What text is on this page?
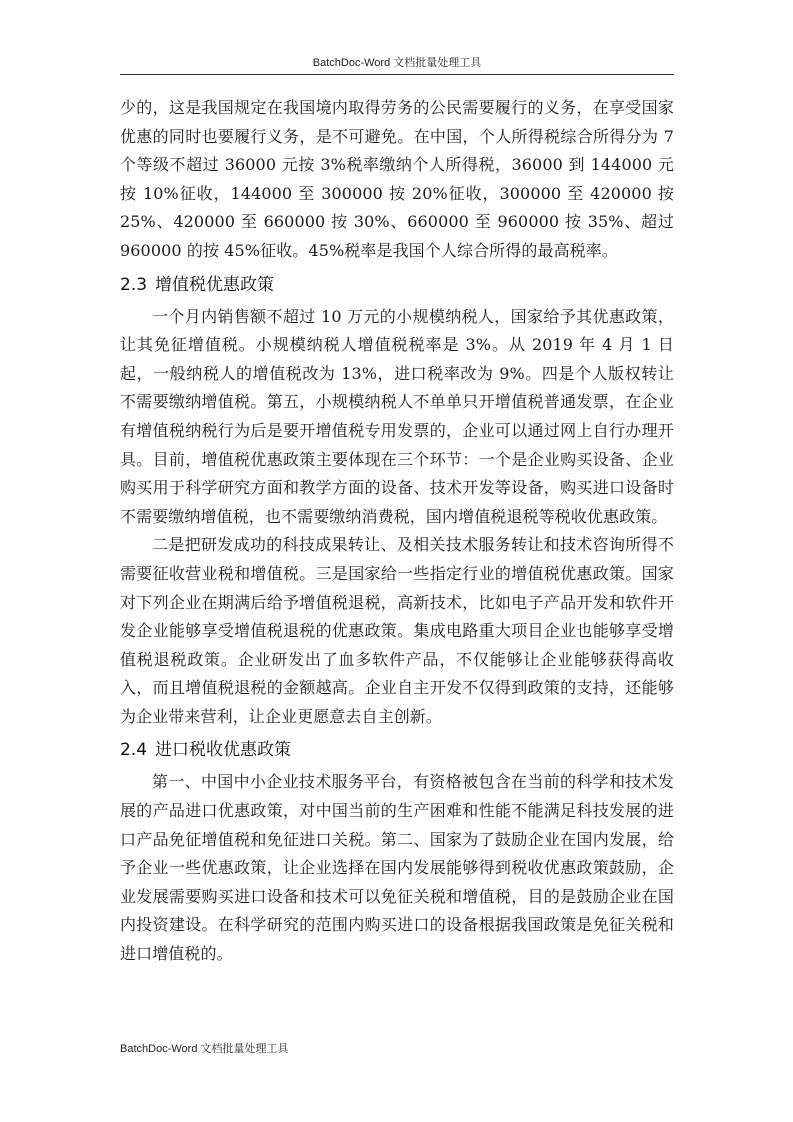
BatchDoc-Word 文档批量处理工具

少的，这是我国规定在我国境内取得劳务的公民需要履行的义务，在享受国家优惠的同时也要履行义务，是不可避免。在中国，个人所得税综合所得分为 7 个等级不超过 36000 元按 3%税率缴纳个人所得税，36000 到 144000 元按 10%征收，144000 至 300000 按 20%征收，300000 至 420000 按 25%、420000 至 660000 按 30%、660000 至 960000 按 35%、超过 960000 的按 45%征收。45%税率是我国个人综合所得的最高税率。

2.3 增值税优惠政策

一个月内销售额不超过 10 万元的小规模纳税人，国家给予其优惠政策，让其免征增值税。小规模纳税人增值税税率是 3%。从 2019 年 4 月 1 日起，一般纳税人的增值税改为 13%，进口税率改为 9%。四是个人版权转让不需要缴纳增值税。第五，小规模纳税人不单单只开增值税普通发票，在企业有增值税纳税行为后是要开增值税专用发票的，企业可以通过网上自行办理开具。目前，增值税优惠政策主要体现在三个环节：一个是企业购买设备、企业购买用于科学研究方面和教学方面的设备、技术开发等设备，购买进口设备时不需要缴纳增值税，也不需要缴纳消费税，国内增值税退税等税收优惠政策。

二是把研发成功的科技成果转让、及相关技术服务转让和技术咨询所得不需要征收营业税和增值税。三是国家给一些指定行业的增值税优惠政策。国家对下列企业在期满后给予增值税退税，高新技术，比如电子产品开发和软件开发企业能够享受增值税退税的优惠政策。集成电路重大项目企业也能够享受增值税退税政策。企业研发出了血多软件产品，不仅能够让企业能够获得高收入，而且增值税退税的金额越高。企业自主开发不仅得到政策的支持，还能够为企业带来营利，让企业更愿意去自主创新。

2.4 进口税收优惠政策

第一、中国中小企业技术服务平台，有资格被包含在当前的科学和技术发展的产品进口优惠政策，对中国当前的生产困难和性能不能满足科技发展的进口产品免征增值税和免征进口关税。第二、国家为了鼓励企业在国内发展，给予企业一些优惠政策，让企业选择在国内发展能够得到税收优惠政策鼓励，企业发展需要购买进口设备和技术可以免征关税和增值税，目的是鼓励企业在国内投资建设。在科学研究的范围内购买进口的设备根据我国政策是免征关税和进口增值税的。

BatchDoc-Word 文档批量处理工具
